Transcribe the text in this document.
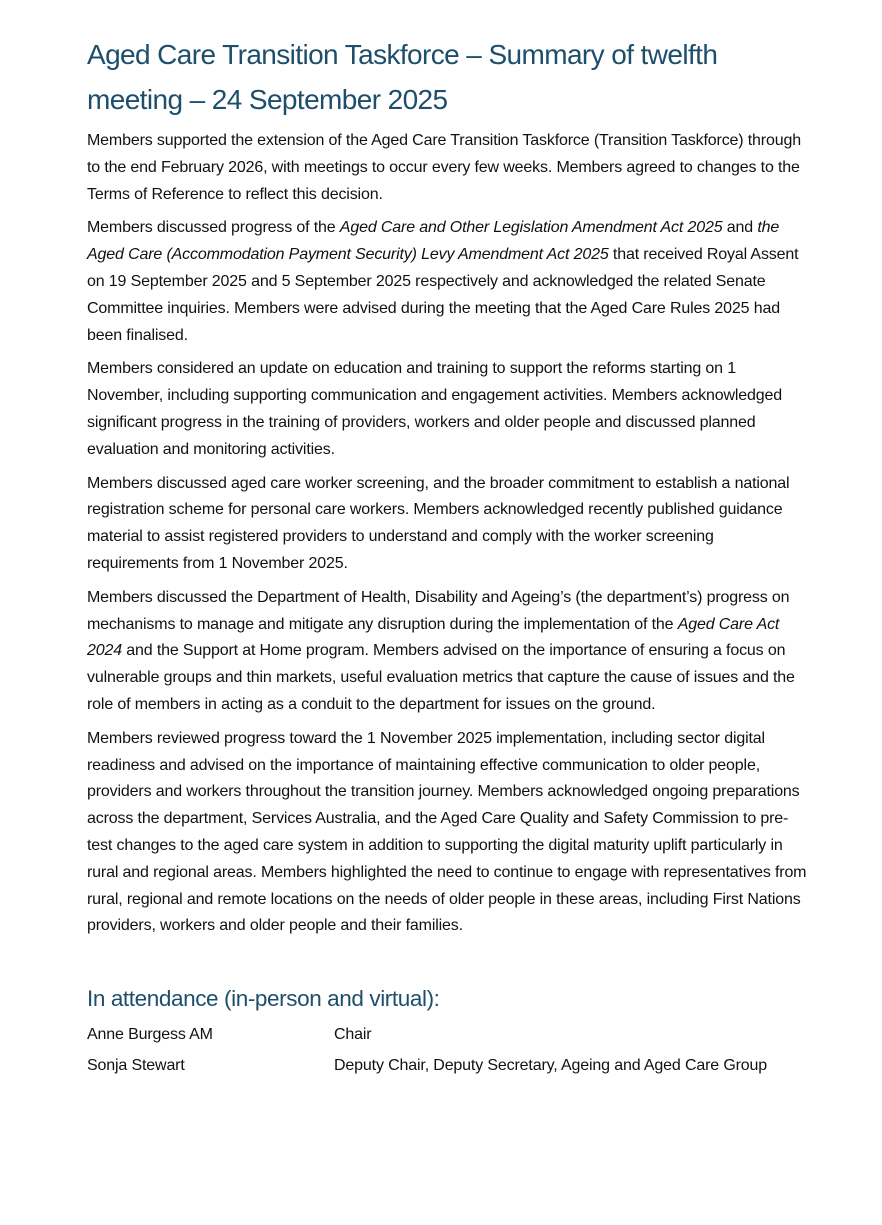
Aged Care Transition Taskforce – Summary of twelfth meeting – 24 September 2025

Members supported the extension of the Aged Care Transition Taskforce (Transition Taskforce) through to the end February 2026, with meetings to occur every few weeks. Members agreed to changes to the Terms of Reference to reflect this decision.

Members discussed progress of the Aged Care and Other Legislation Amendment Act 2025 and the Aged Care (Accommodation Payment Security) Levy Amendment Act 2025 that received Royal Assent on 19 September 2025 and 5 September 2025 respectively and acknowledged the related Senate Committee inquiries. Members were advised during the meeting that the Aged Care Rules 2025 had been finalised.

Members considered an update on education and training to support the reforms starting on 1 November, including supporting communication and engagement activities. Members acknowledged significant progress in the training of providers, workers and older people and discussed planned evaluation and monitoring activities.

Members discussed aged care worker screening, and the broader commitment to establish a national registration scheme for personal care workers. Members acknowledged recently published guidance material to assist registered providers to understand and comply with the worker screening requirements from 1 November 2025.

Members discussed the Department of Health, Disability and Ageing’s (the department’s) progress on mechanisms to manage and mitigate any disruption during the implementation of the Aged Care Act 2024 and the Support at Home program. Members advised on the importance of ensuring a focus on vulnerable groups and thin markets, useful evaluation metrics that capture the cause of issues and the role of members in acting as a conduit to the department for issues on the ground.

Members reviewed progress toward the 1 November 2025 implementation, including sector digital readiness and advised on the importance of maintaining effective communication to older people, providers and workers throughout the transition journey. Members acknowledged ongoing preparations across the department, Services Australia, and the Aged Care Quality and Safety Commission to pre-test changes to the aged care system in addition to supporting the digital maturity uplift particularly in rural and regional areas. Members highlighted the need to continue to engage with representatives from rural, regional and remote locations on the needs of older people in these areas, including First Nations providers, workers and older people and their families.

In attendance (in-person and virtual):
Anne Burgess AM	Chair
Sonja Stewart	Deputy Chair, Deputy Secretary, Ageing and Aged Care Group
